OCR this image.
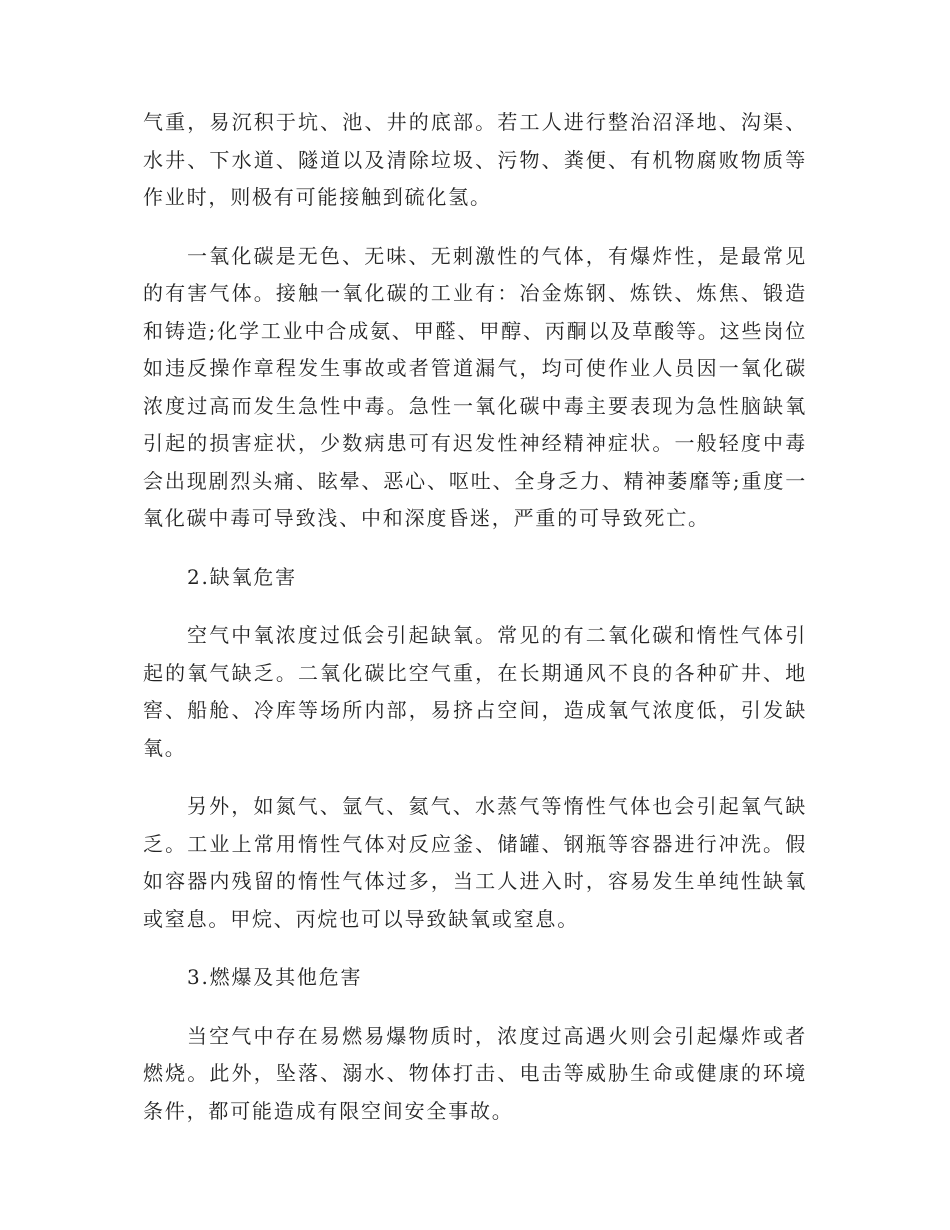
气重，易沉积于坑、池、井的底部。若工人进行整治沼泽地、沟渠、水井、下水道、隧道以及清除垃圾、污物、粪便、有机物腐败物质等作业时，则极有可能接触到硫化氢。

一氧化碳是无色、无味、无刺激性的气体，有爆炸性，是最常见的有害气体。接触一氧化碳的工业有：冶金炼钢、炼铁、炼焦、锻造和铸造;化学工业中合成氨、甲醛、甲醇、丙酮以及草酸等。这些岗位如违反操作章程发生事故或者管道漏气，均可使作业人员因一氧化碳浓度过高而发生急性中毒。急性一氧化碳中毒主要表现为急性脑缺氧引起的损害症状，少数病患可有迟发性神经精神症状。一般轻度中毒会出现剧烈头痛、眩晕、恶心、呕吐、全身乏力、精神萎靡等;重度一氧化碳中毒可导致浅、中和深度昏迷，严重的可导致死亡。

2.缺氧危害

空气中氧浓度过低会引起缺氧。常见的有二氧化碳和惰性气体引起的氧气缺乏。二氧化碳比空气重，在长期通风不良的各种矿井、地窖、船舱、冷库等场所内部，易挤占空间，造成氧气浓度低，引发缺氧。

另外，如氮气、氩气、氦气、水蒸气等惰性气体也会引起氧气缺乏。工业上常用惰性气体对反应釜、储罐、钢瓶等容器进行冲洗。假如容器内残留的惰性气体过多，当工人进入时，容易发生单纯性缺氧或窒息。甲烷、丙烷也可以导致缺氧或窒息。

3.燃爆及其他危害

当空气中存在易燃易爆物质时，浓度过高遇火则会引起爆炸或者燃烧。此外，坠落、溺水、物体打击、电击等威胁生命或健康的环境条件，都可能造成有限空间安全事故。
